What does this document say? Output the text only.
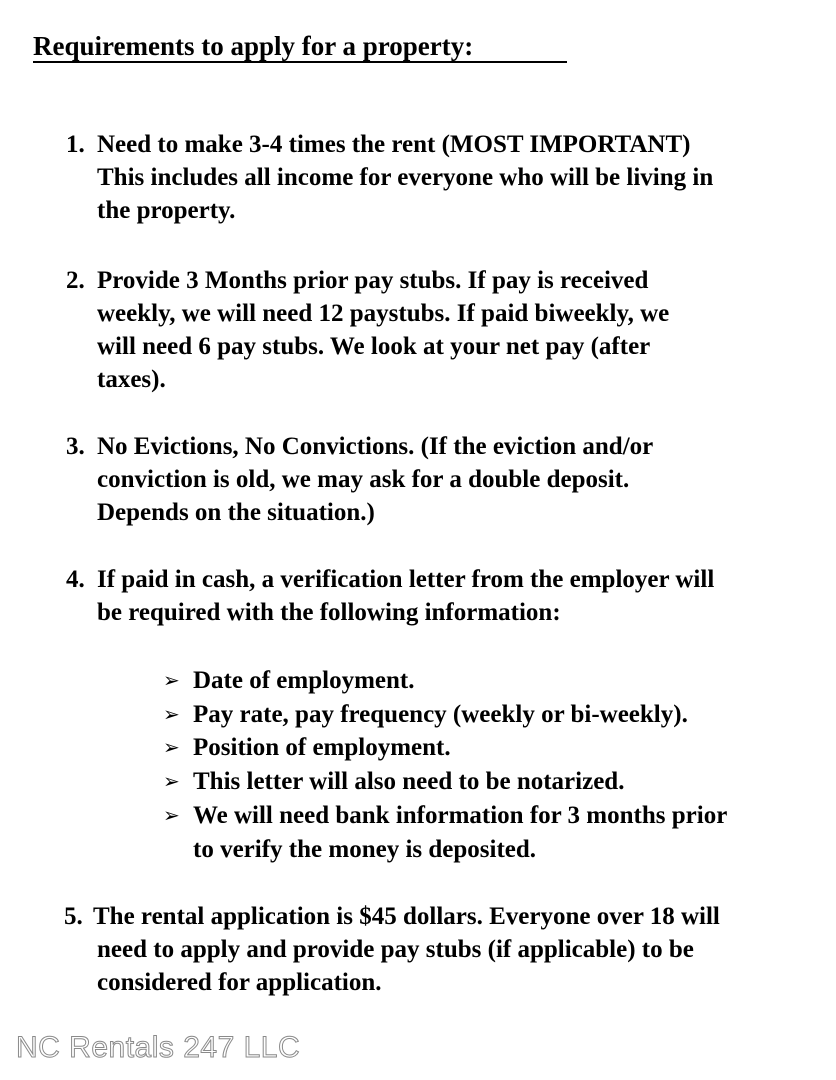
Requirements to apply for a property:
1. Need to make 3-4 times the rent (MOST IMPORTANT)
This includes all income for everyone who will be living in
the property.
2. Provide 3 Months prior pay stubs. If pay is received
weekly, we will need 12 paystubs. If paid biweekly, we
will need 6 pay stubs. We look at your net pay (after
taxes).
3. No Evictions, No Convictions. (If the eviction and/or
conviction is old, we may ask for a double deposit.
Depends on the situation.)
4. If paid in cash, a verification letter from the employer will
be required with the following information:
➢ Date of employment.
➢ Pay rate, pay frequency (weekly or bi-weekly).
➢ Position of employment.
➢ This letter will also need to be notarized.
➢ We will need bank information for 3 months prior
to verify the money is deposited.
5. The rental application is $45 dollars. Everyone over 18 will
need to apply and provide pay stubs (if applicable) to be
considered for application.
NC Rentals 247 LLC
